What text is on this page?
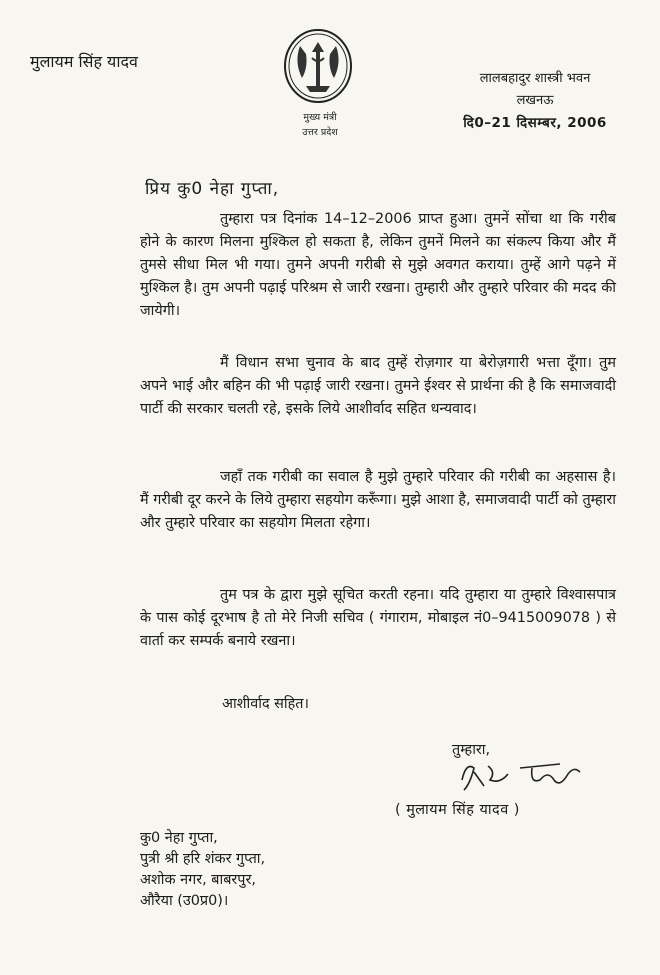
मुलायम सिंह यादव
मुख्य मंत्री
उत्तर प्रदेश
लालबहादुर शास्त्री भवन
लखनऊ
दि0–21 दिसम्बर, 2006
प्रिय कु0 नेहा गुप्ता,
तुम्हारा पत्र दिनांक 14–12–2006 प्राप्त हुआ। तुमनें सोंचा था कि गरीब होने के कारण मिलना मुश्किल हो सकता है, लेकिन तुमनें मिलने का संकल्प किया और मैं तुमसे सीधा मिल भी गया। तुमने अपनी गरीबी से मुझे अवगत कराया। तुम्हें आगे पढ़ने में मुश्किल है। तुम अपनी पढ़ाई परिश्रम से जारी रखना। तुम्हारी और तुम्हारे परिवार की मदद की जायेगी।
मैं विधान सभा चुनाव के बाद तुम्हें रोज़गार या बेरोज़गारी भत्ता दूँगा। तुम अपने भाई और बहिन की भी पढ़ाई जारी रखना। तुमने ईश्वर से प्रार्थना की है कि समाजवादी पार्टी की सरकार चलती रहे, इसके लिये आशीर्वाद सहित धन्यवाद।
जहाँ तक गरीबी का सवाल है मुझे तुम्हारे परिवार की गरीबी का अहसास है। मैं गरीबी दूर करने के लिये तुम्हारा सहयोग करूँगा। मुझे आशा है, समाजवादी पार्टी को तुम्हारा और तुम्हारे परिवार का सहयोग मिलता रहेगा।
तुम पत्र के द्वारा मुझे सूचित करती रहना। यदि तुम्हारा या तुम्हारे विश्वासपात्र के पास कोई दूरभाष है तो मेरे निजी सचिव ( गंगाराम, मोबाइल नं0–9415009078 ) से वार्ता कर सम्पर्क बनाये रखना।
आशीर्वाद सहित।
तुम्हारा,
( मुलायम सिंह यादव )
कु0 नेहा गुप्ता,
पुत्री श्री हरि शंकर गुप्ता,
अशोक नगर, बाबरपुर,
औरैया (उ0प्र0)।
